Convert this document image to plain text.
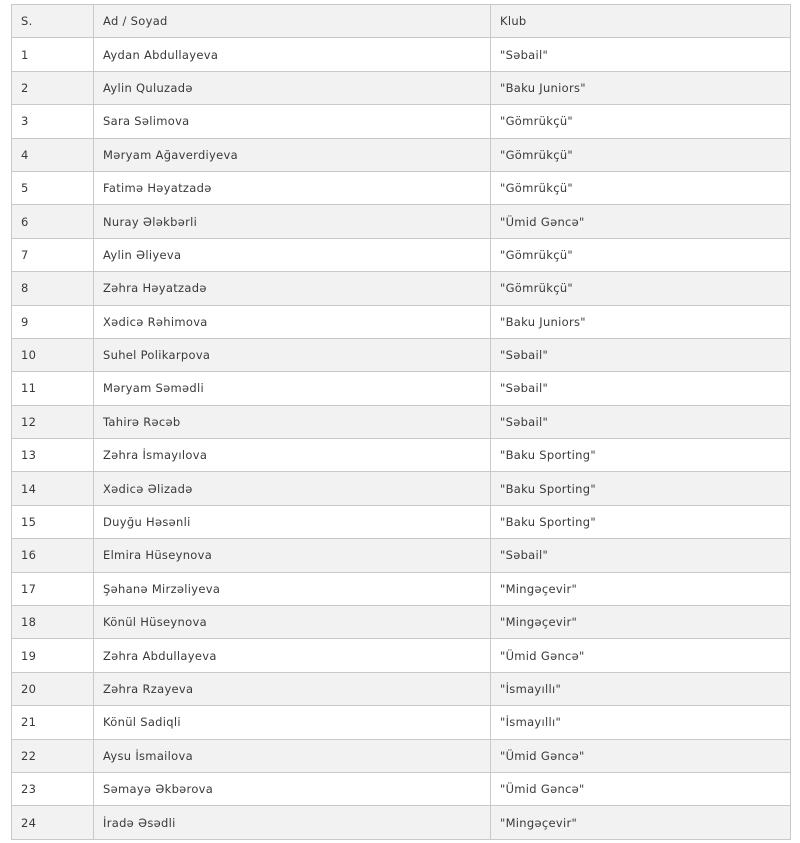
S.	Ad / Soyad	Klub
1	Aydan Abdullayeva	"Səbail"
2	Aylin Quluzadə	"Baku Juniors"
3	Sara Səlimova	"Gömrükçü"
4	Məryam Ağaverdiyeva	"Gömrükçü"
5	Fatimə Həyatzadə	"Gömrükçü"
6	Nuray Ələkbərli	"Ümid Gəncə"
7	Aylin Əliyeva	"Gömrükçü"
8	Zəhra Həyatzadə	"Gömrükçü"
9	Xədicə Rəhimova	"Baku Juniors"
10	Suhel Polikarpova	"Səbail"
11	Məryam Səmədli	"Səbail"
12	Tahirə Rəcəb	"Səbail"
13	Zəhra İsmayılova	"Baku Sporting"
14	Xədicə Əlizadə	"Baku Sporting"
15	Duyğu Həsənli	"Baku Sporting"
16	Elmira Hüseynova	"Səbail"
17	Şəhanə Mirzəliyeva	"Mingəçevir"
18	Könül Hüseynova	"Mingəçevir"
19	Zəhra Abdullayeva	"Ümid Gəncə"
20	Zəhra Rzayeva	"İsmayıllı"
21	Könül Sadiqli	"İsmayıllı"
22	Aysu İsmailova	"Ümid Gəncə"
23	Səmayə Əkbərova	"Ümid Gəncə"
24	İradə Əsədli	"Mingəçevir"
